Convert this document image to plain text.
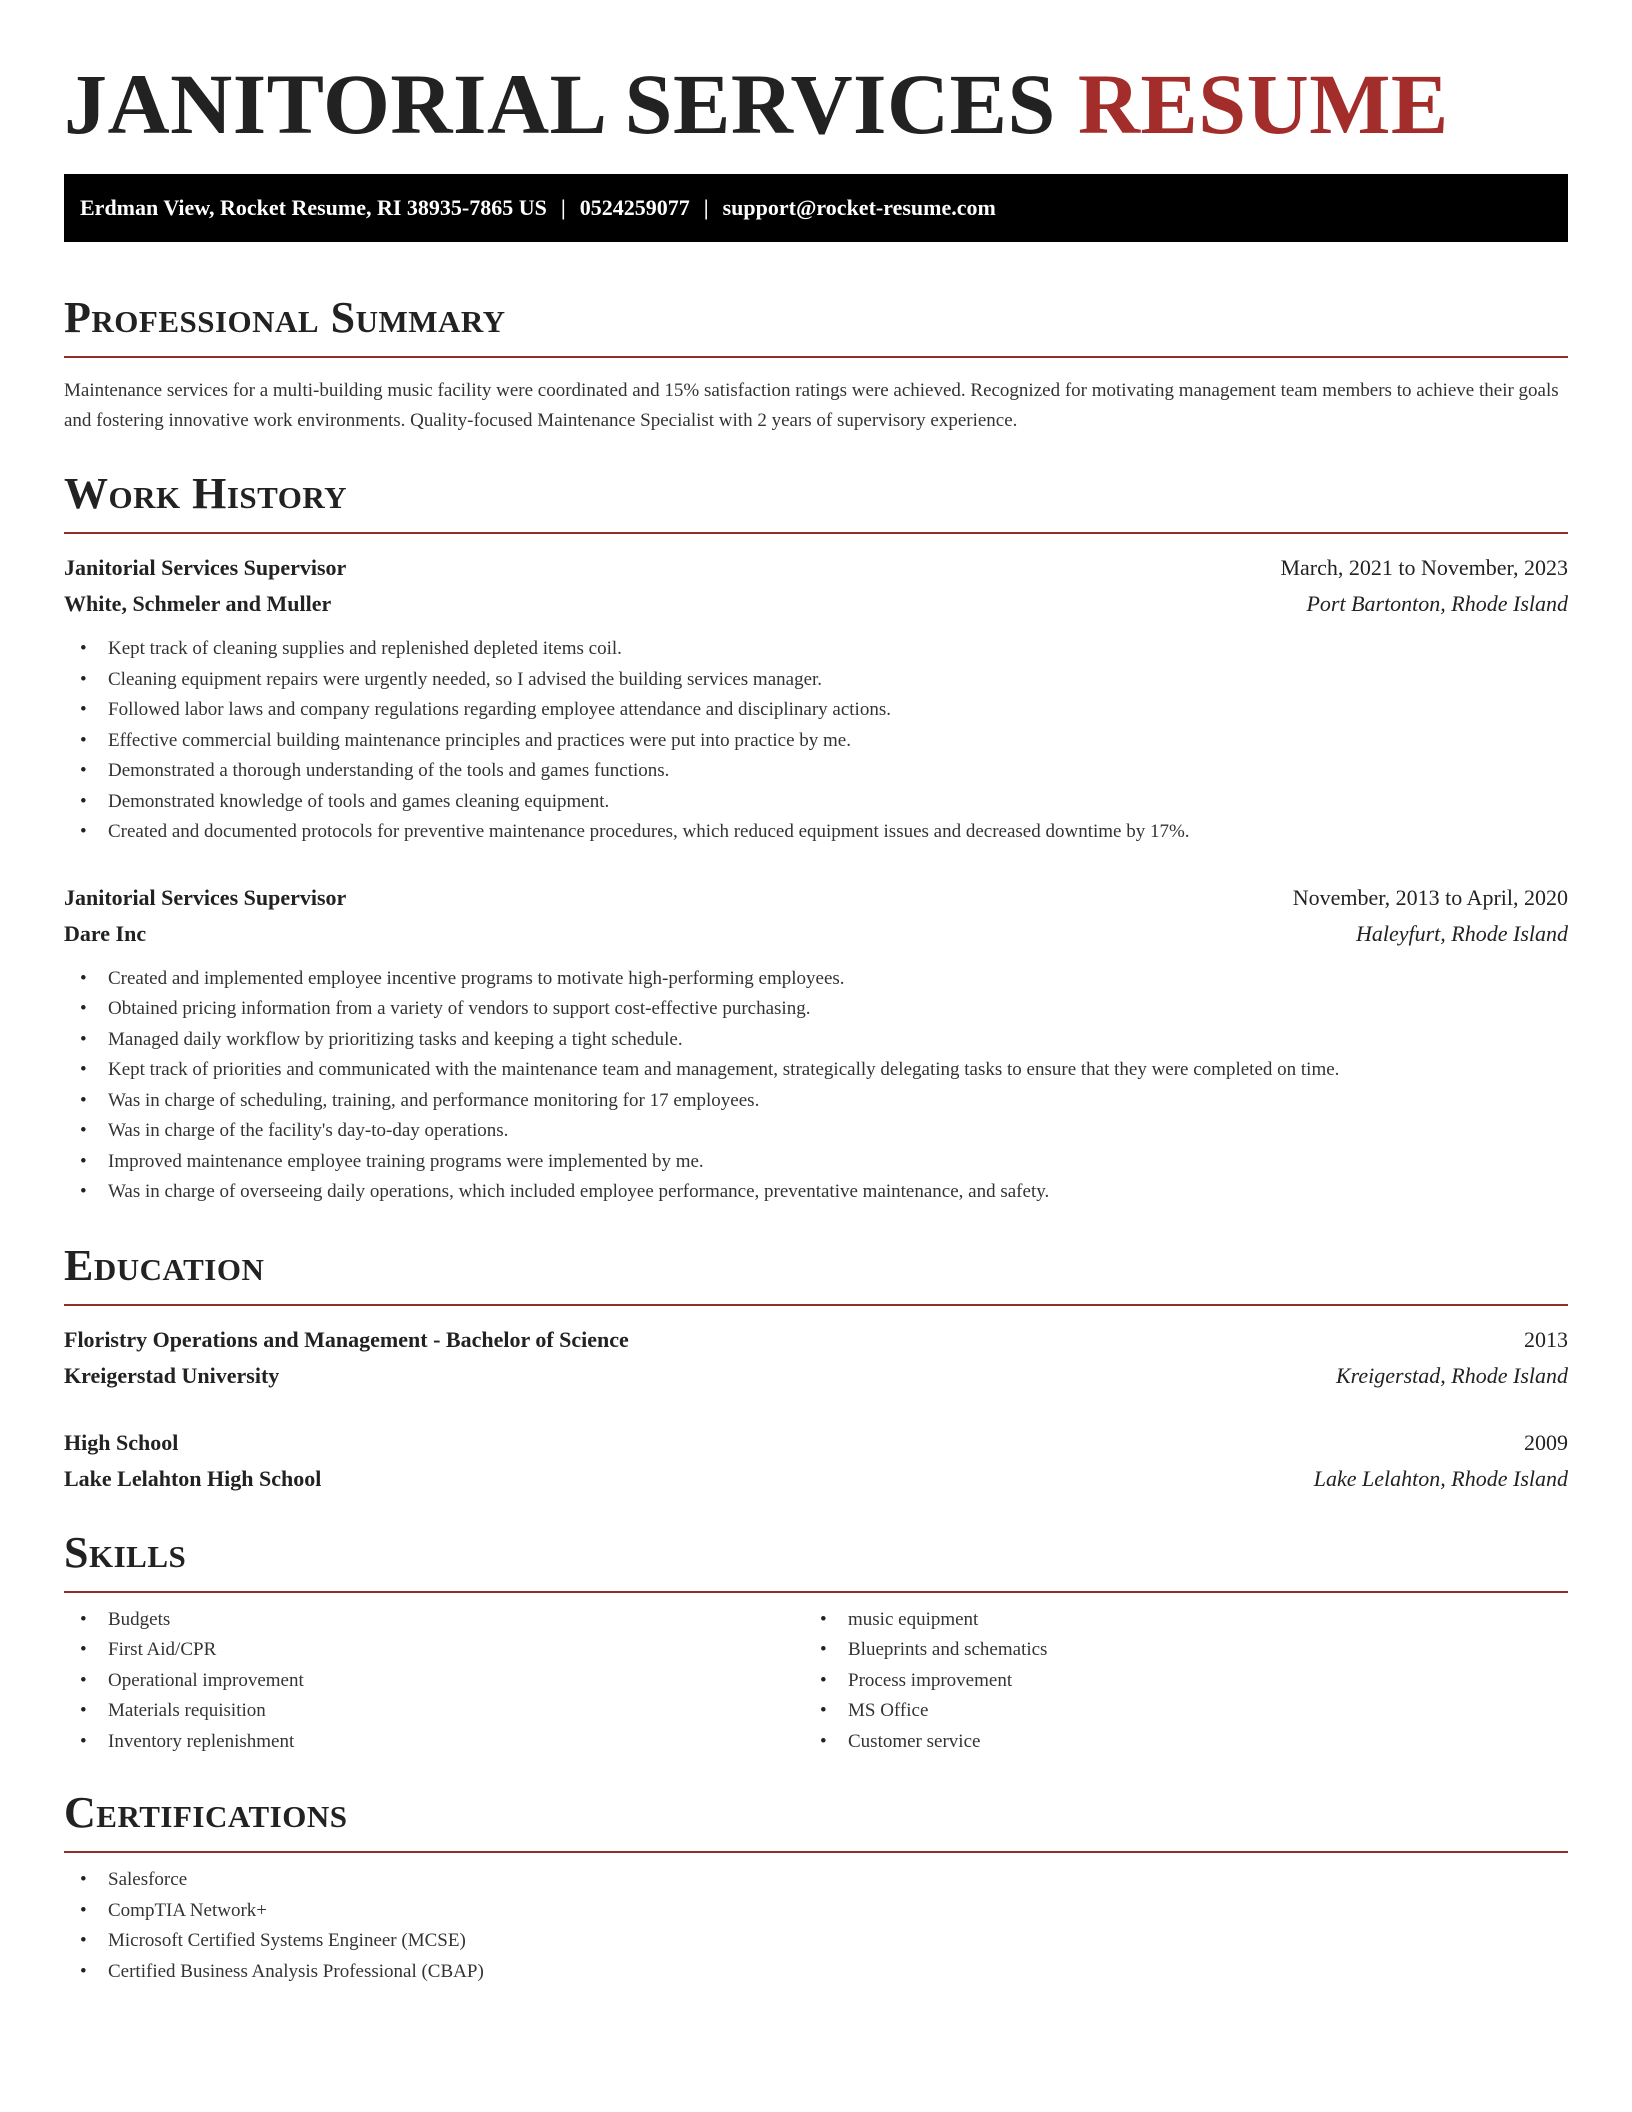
JANITORIAL SERVICES RESUME
Erdman View, Rocket Resume, RI 38935-7865 US | 0524259077 | support@rocket-resume.com
Professional Summary

Maintenance services for a multi-building music facility were coordinated and 15% satisfaction ratings were achieved. Recognized for motivating management team members to achieve their goals and fostering innovative work environments. Quality-focused Maintenance Specialist with 2 years of supervisory experience.

Work History
Janitorial Services Supervisor	March, 2021 to November, 2023
White, Schmeler and Muller	Port Bartonton, Rhode Island
• Kept track of cleaning supplies and replenished depleted items coil.
• Cleaning equipment repairs were urgently needed, so I advised the building services manager.
• Followed labor laws and company regulations regarding employee attendance and disciplinary actions.
• Effective commercial building maintenance principles and practices were put into practice by me.
• Demonstrated a thorough understanding of the tools and games functions.
• Demonstrated knowledge of tools and games cleaning equipment.
• Created and documented protocols for preventive maintenance procedures, which reduced equipment issues and decreased downtime by 17%.
Janitorial Services Supervisor	November, 2013 to April, 2020
Dare Inc	Haleyfurt, Rhode Island
• Created and implemented employee incentive programs to motivate high-performing employees.
• Obtained pricing information from a variety of vendors to support cost-effective purchasing.
• Managed daily workflow by prioritizing tasks and keeping a tight schedule.
• Kept track of priorities and communicated with the maintenance team and management, strategically delegating tasks to ensure that they were completed on time.
• Was in charge of scheduling, training, and performance monitoring for 17 employees.
• Was in charge of the facility's day-to-day operations.
• Improved maintenance employee training programs were implemented by me.
• Was in charge of overseeing daily operations, which included employee performance, preventative maintenance, and safety.
Education
Floristry Operations and Management - Bachelor of Science	2013
Kreigerstad University	Kreigerstad, Rhode Island
High School	2009
Lake Lelahton High School	Lake Lelahton, Rhode Island
Skills
• Budgets
• First Aid/CPR
• Operational improvement
• Materials requisition
• Inventory replenishment
• music equipment
• Blueprints and schematics
• Process improvement
• MS Office
• Customer service
Certifications
• Salesforce
• CompTIA Network+
• Microsoft Certified Systems Engineer (MCSE)
• Certified Business Analysis Professional (CBAP)
